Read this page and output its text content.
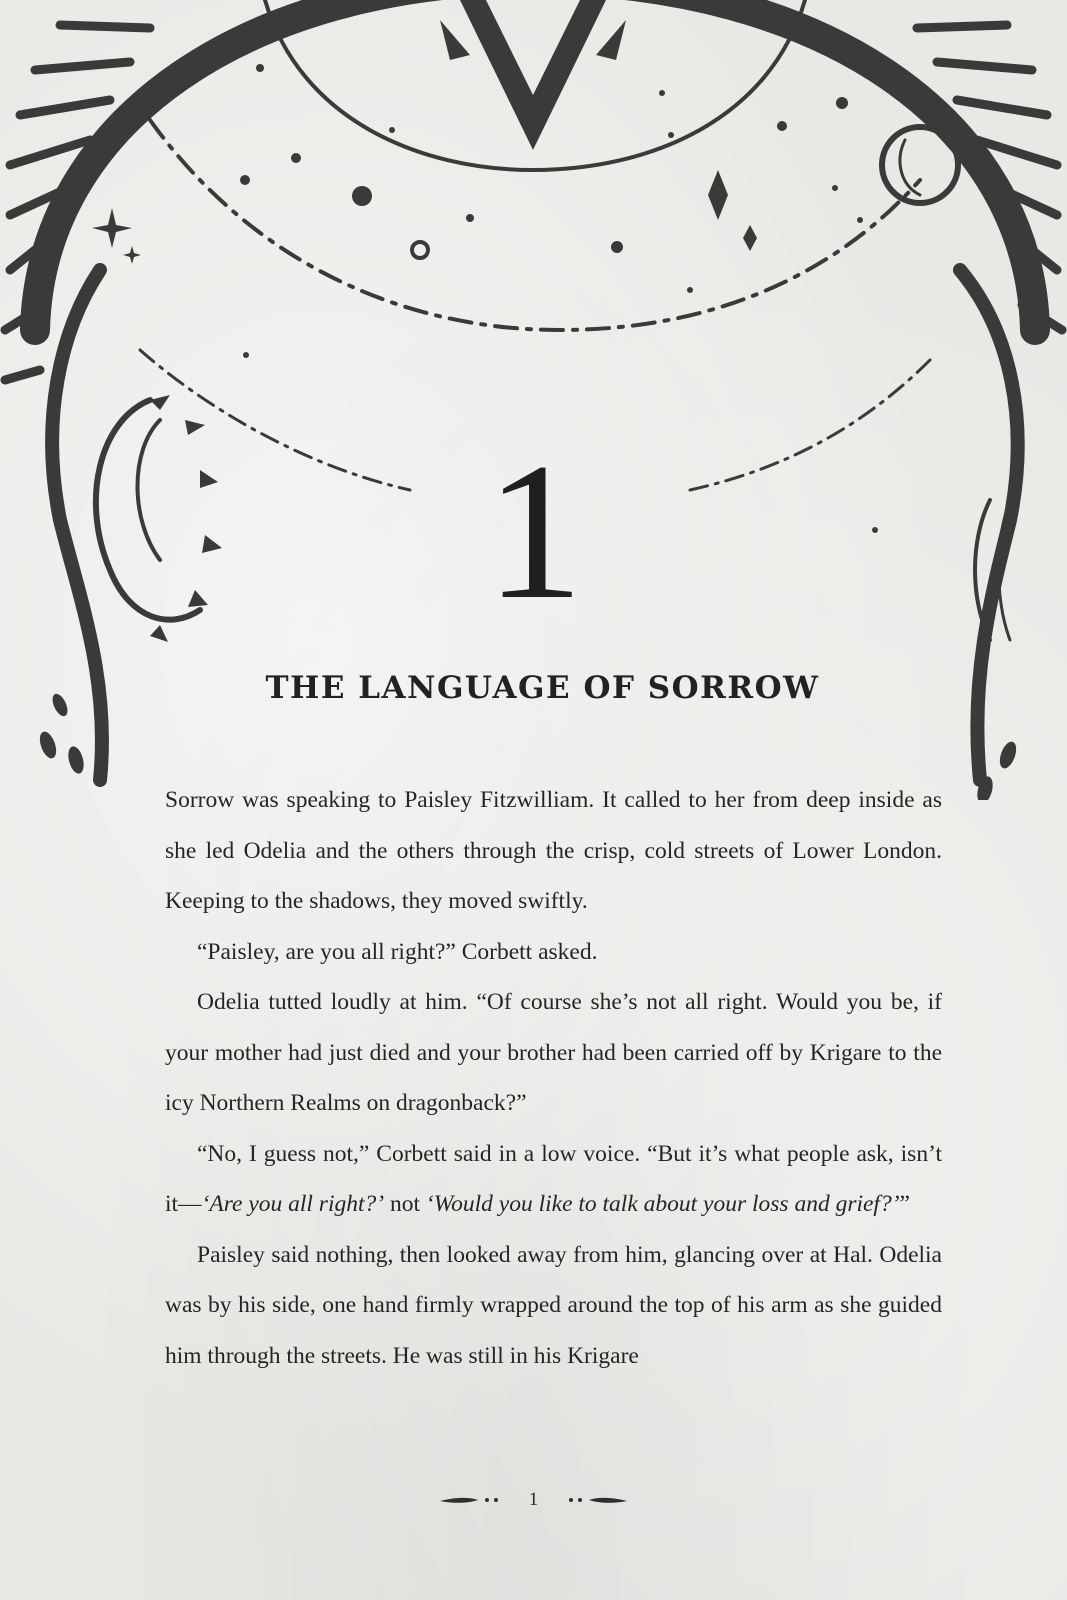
1
THE LANGUAGE OF SORROW

Sorrow was speaking to Paisley Fitzwilliam. It called to her from deep inside as she led Odelia and the others through the crisp, cold streets of Lower London. Keeping to the shadows, they moved swiftly.

“Paisley, are you all right?” Corbett asked.

Odelia tutted loudly at him. “Of course she’s not all right. Would you be, if your mother had just died and your brother had been carried off by Krigare to the icy Northern Realms on dragonback?”

“No, I guess not,” Corbett said in a low voice. “But it’s what people ask, isn’t it—‘Are you all right?’ not ‘Would you like to talk about your loss and grief?’”

Paisley said nothing, then looked away from him, glancing over at Hal. Odelia was by his side, one hand firmly wrapped around the top of his arm as she guided him through the streets. He was still in his Krigare

1
